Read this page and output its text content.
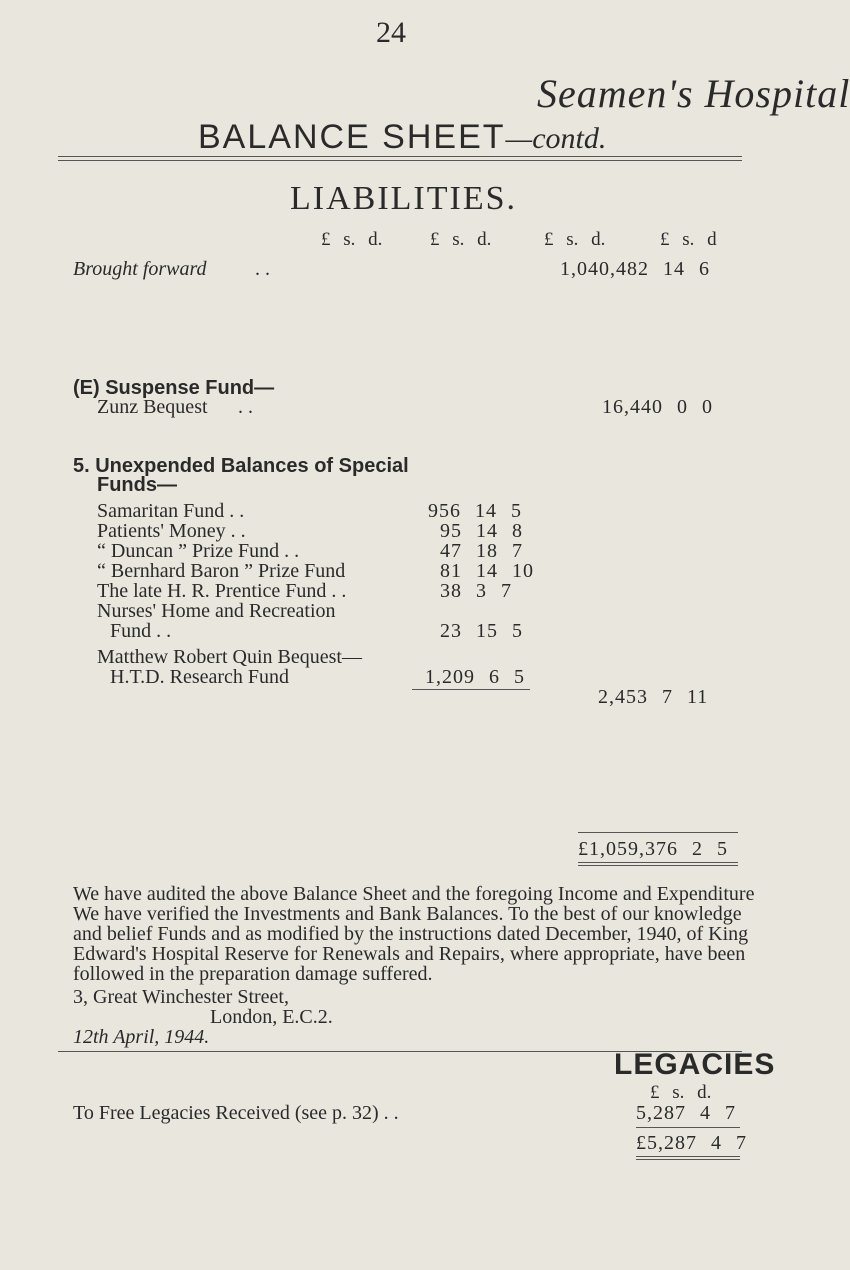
24
Seamen's Hospital
BALANCE SHEET—contd.
LIABILITIES.
£ s. d.	£ s. d.	£ s. d.	£ s. d
Brought forward . .	1,040,482 14 6
(E) Suspense Fund—
Zunz Bequest . .	16,440 0 0
5. Unexpended Balances of Special
Funds—
Samaritan Fund . .	956 14 5
Patients' Money . .	95 14 8
“ Duncan ” Prize Fund . .	47 18 7
“ Bernhard Baron ” Prize Fund	81 14 10
The late H. R. Prentice Fund . .	38 3 7
Nurses' Home and Recreation
Fund . .	23 15 5
Matthew Robert Quin Bequest—
H.T.D. Research Fund	1,209 6 5
2,453 7 11
£1,059,376 2 5
We have audited the above Balance Sheet and the foregoing Income and Expenditure We have verified the Investments and Bank Balances. To the best of our knowledge and belief Funds and as modified by the instructions dated December, 1940, of King Edward's Hospital Reserve for Renewals and Repairs, where appropriate, have been followed in the preparation damage suffered.
3, Great Winchester Street,
London, E.C.2.
12th April, 1944.
LEGACIES
£ s. d.
To Free Legacies Received (see p. 32) . .	5,287 4 7
£5,287 4 7
